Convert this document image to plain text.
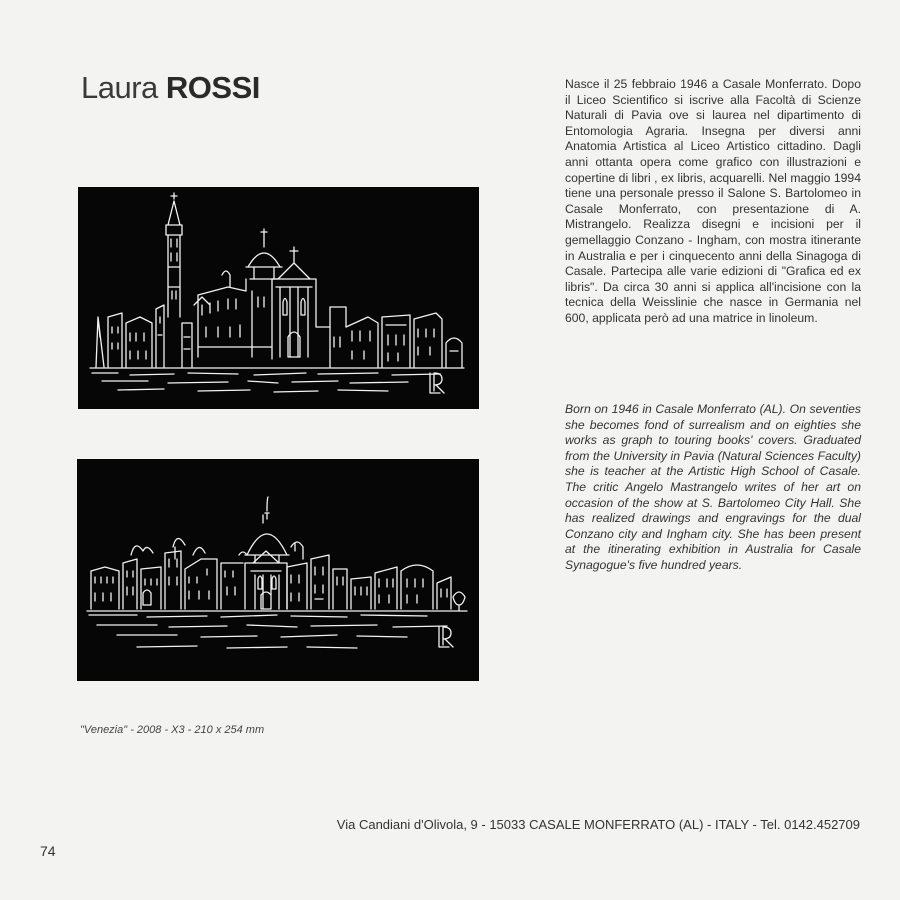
Laura ROSSI	Nasce il 25 febbraio 1946 a Casale Monferrato. Dopo il Liceo Scientifico si iscrive alla Facoltà di Scienze Naturali di Pavia ove si laurea nel dipartimento di Entomologia Agraria. Insegna per diversi anni Anatomia Artistica al Liceo Artistico cittadino. Dagli anni ottanta opera come grafico con illustrazioni e copertine di libri , ex libris, acquarelli. Nel maggio 1994 tiene una personale presso il Salone S. Bartolomeo in Casale Monferrato, con presentazione di A. Mistrangelo. Realizza disegni e incisioni per il gemellaggio Conzano - Ingham, con mostra itinerante in Australia e per i cinquecento anni della Sinagoga di Casale. Partecipa alle varie edizioni di "Grafica ed ex libris". Da circa 30 anni si applica all'incisione con la tecnica della Weisslinie che nasce in Germania nel 600, applicata però ad una matrice in linoleum.

Born on 1946 in Casale Monferrato (AL). On seventies she becomes fond of surrealism and on eighties she works as graph to touring books' covers. Graduated from the University in Pavia (Natural Sciences Faculty) she is teacher at the Artistic High School of Casale. The critic Angelo Mastrangelo writes of her art on occasion of the show at S. Bartolomeo City Hall. She has realized drawings and engravings for the dual Conzano city and Ingham city. She has been present at the itinerating exhibition in Australia for Casale Synagogue's five hundred years.

"Venezia" - 2008 - X3 - 210 x 254 mm

Via Candiani d'Olivola, 9 - 15033 CASALE MONFERRATO (AL) - ITALY - Tel. 0142.452709

74
